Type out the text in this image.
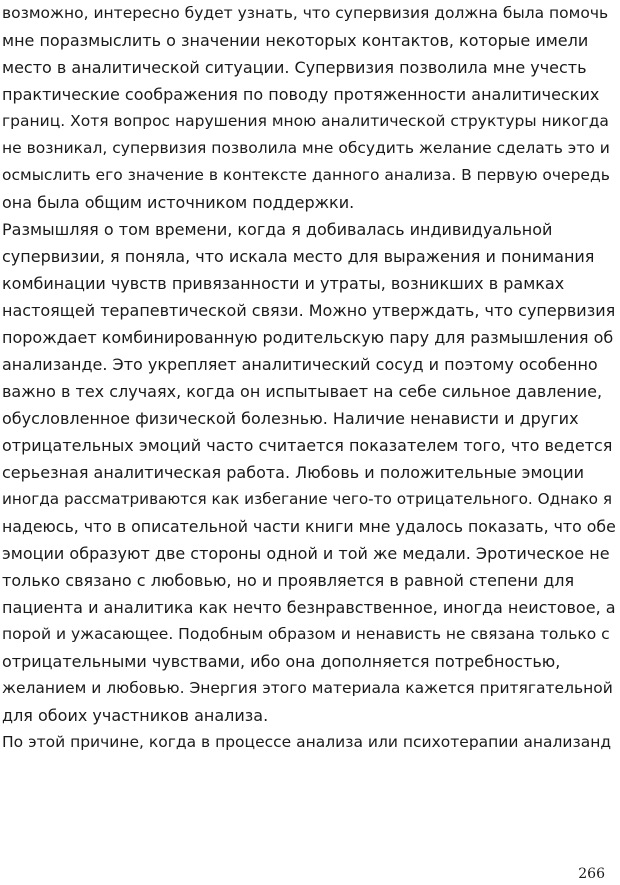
возможно, интересно будет узнать, что супервизия должна была помочь
мне поразмыслить о значении некоторых контактов, которые имели
место в аналитической ситуации. Супервизия позволила мне учесть
практические соображения по поводу протяженности аналитических
границ. Хотя вопрос нарушения мною аналитической структуры никогда
не возникал, супервизия позволила мне обсудить желание сделать это и
осмыслить его значение в контексте данного анализа. В первую очередь
она была общим источником поддержки.
Размышляя о том времени, когда я добивалась индивидуальной
супервизии, я поняла, что искала место для выражения и понимания
комбинации чувств привязанности и утраты, возникших в рамках
настоящей терапевтической связи. Можно утверждать, что супервизия
порождает комбинированную родительскую пару для размышления об
анализанде. Это укрепляет аналитический сосуд и поэтому особенно
важно в тех случаях, когда он испытывает на себе сильное давление,
обусловленное физической болезнью. Наличие ненависти и других
отрицательных эмоций часто считается показателем того, что ведется
серьезная аналитическая работа. Любовь и положительные эмоции
иногда рассматриваются как избегание чего-то отрицательного. Однако я
надеюсь, что в описательной части книги мне удалось показать, что обе
эмоции образуют две стороны одной и той же медали. Эротическое не
только связано с любовью, но и проявляется в равной степени для
пациента и аналитика как нечто безнравственное, иногда неистовое, а
порой и ужасающее. Подобным образом и ненависть не связана только с
отрицательными чувствами, ибо она дополняется потребностью,
желанием и любовью. Энергия этого материала кажется притягательной
для обоих участников анализа.
По этой причине, когда в процессе анализа или психотерапии анализанд
266
